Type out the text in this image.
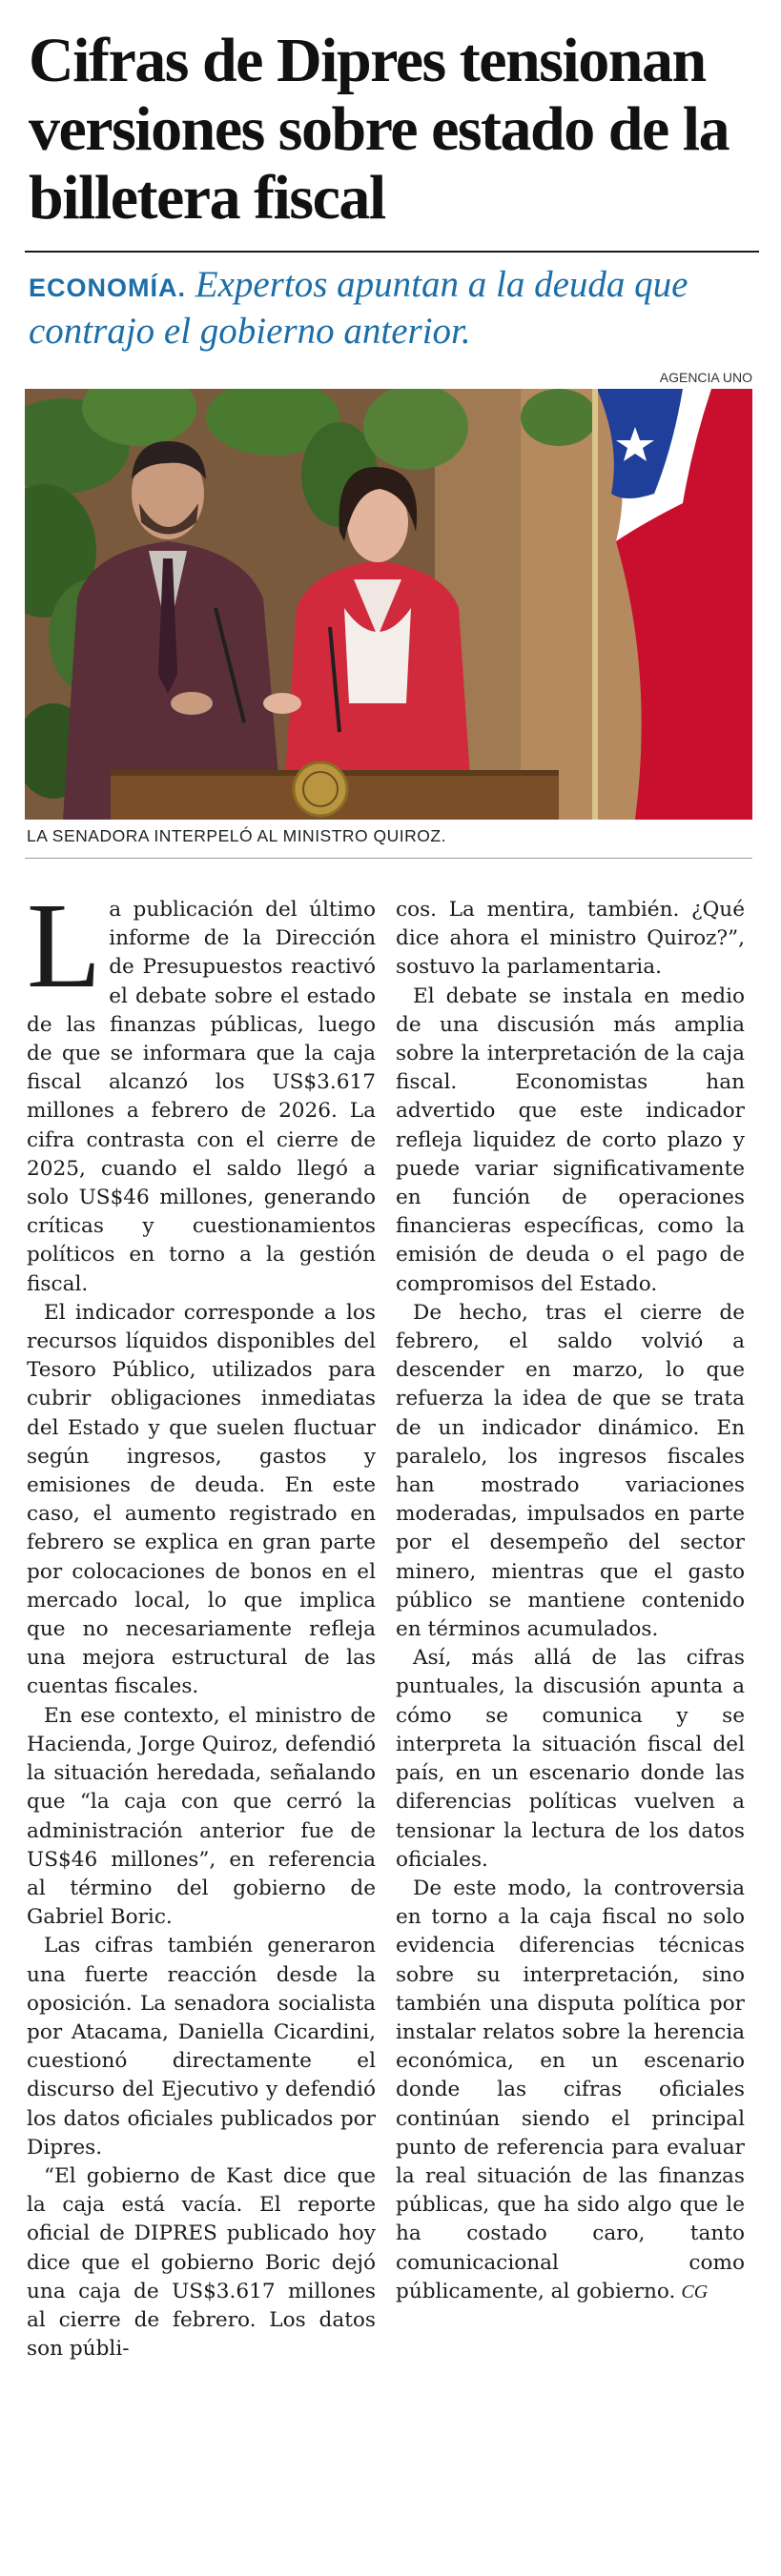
Cifras de Dipres tensionan versiones sobre estado de la billetera fiscal
ECONOMÍA. Expertos apuntan a la deuda que contrajo el gobierno anterior.
AGENCIA UNO
LA SENADORA INTERPELÓ AL MINISTRO QUIROZ.

La publicación del último informe de la Dirección de Presupuestos reactivó el debate sobre el estado de las finanzas públicas, luego de que se informara que la caja fiscal alcanzó los US$3.617 millones a febrero de 2026. La cifra contrasta con el cierre de 2025, cuando el saldo llegó a solo US$46 millones, generando críticas y cuestionamientos políticos en torno a la gestión fiscal.

El indicador corresponde a los recursos líquidos disponibles del Tesoro Público, utilizados para cubrir obligaciones inmediatas del Estado y que suelen fluctuar según ingresos, gastos y emisiones de deuda. En este caso, el aumento registrado en febrero se explica en gran parte por colocaciones de bonos en el mercado local, lo que implica que no necesariamente refleja una mejora estructural de las cuentas fiscales.

En ese contexto, el ministro de Hacienda, Jorge Quiroz, defendió la situación heredada, señalando que “la caja con que cerró la administración anterior fue de US$46 millones”, en referencia al término del gobierno de Gabriel Boric.

Las cifras también generaron una fuerte reacción desde la oposición. La senadora socialista por Atacama, Daniella Cicardini, cuestionó directamente el discurso del Ejecutivo y defendió los datos oficiales publicados por Dipres.

“El gobierno de Kast dice que la caja está vacía. El reporte oficial de DIPRES publicado hoy dice que el gobierno Boric dejó una caja de US$3.617 millones al cierre de febrero. Los datos son públi-

cos. La mentira, también. ¿Qué dice ahora el ministro Quiroz?”, sostuvo la parlamentaria.

El debate se instala en medio de una discusión más amplia sobre la interpretación de la caja fiscal. Economistas han advertido que este indicador refleja liquidez de corto plazo y puede variar significativamente en función de operaciones financieras específicas, como la emisión de deuda o el pago de compromisos del Estado.

De hecho, tras el cierre de febrero, el saldo volvió a descender en marzo, lo que refuerza la idea de que se trata de un indicador dinámico. En paralelo, los ingresos fiscales han mostrado variaciones moderadas, impulsados en parte por el desempeño del sector minero, mientras que el gasto público se mantiene contenido en términos acumulados.

Así, más allá de las cifras puntuales, la discusión apunta a cómo se comunica y se interpreta la situación fiscal del país, en un escenario donde las diferencias políticas vuelven a tensionar la lectura de los datos oficiales.

De este modo, la controversia en torno a la caja fiscal no solo evidencia diferencias técnicas sobre su interpretación, sino también una disputa política por instalar relatos sobre la herencia económica, en un escenario donde las cifras oficiales continúan siendo el principal punto de referencia para evaluar la real situación de las finanzas públicas, que ha sido algo que le ha costado caro, tanto comunicacional como públicamente, al gobierno. CG
